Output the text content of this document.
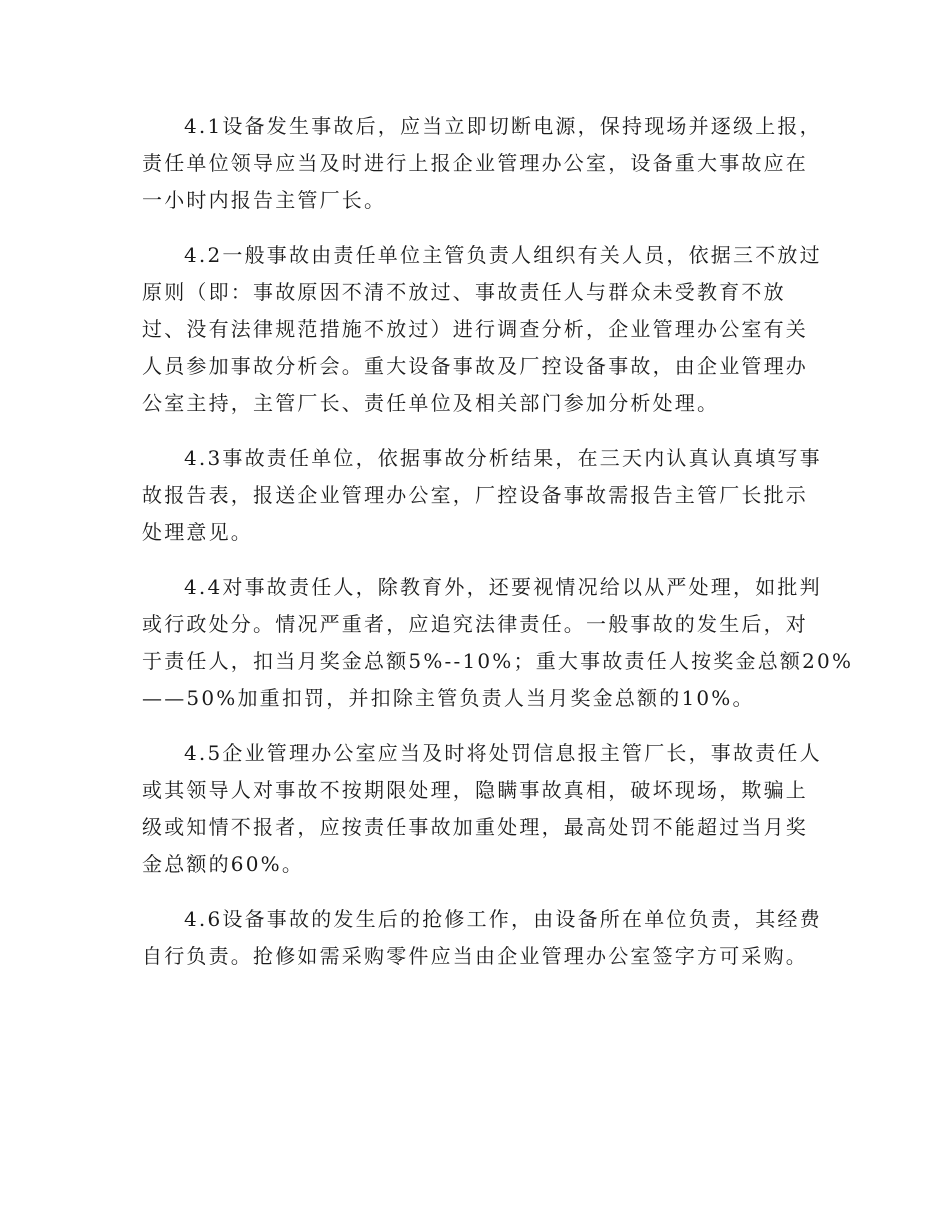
4.1设备发生事故后，应当立即切断电源，保持现场并逐级上报，
责任单位领导应当及时进行上报企业管理办公室，设备重大事故应在
一小时内报告主管厂长。

4.2一般事故由责任单位主管负责人组织有关人员，依据三不放过
原则（即：事故原因不清不放过、事故责任人与群众未受教育不放
过、没有法律规范措施不放过）进行调查分析，企业管理办公室有关
人员参加事故分析会。重大设备事故及厂控设备事故，由企业管理办
公室主持，主管厂长、责任单位及相关部门参加分析处理。

4.3事故责任单位，依据事故分析结果，在三天内认真认真填写事
故报告表，报送企业管理办公室，厂控设备事故需报告主管厂长批示
处理意见。

4.4对事故责任人，除教育外，还要视情况给以从严处理，如批判
或行政处分。情况严重者，应追究法律责任。一般事故的发生后，对
于责任人，扣当月奖金总额5%--10%；重大事故责任人按奖金总额20%
——50%加重扣罚，并扣除主管负责人当月奖金总额的10%。

4.5企业管理办公室应当及时将处罚信息报主管厂长，事故责任人
或其领导人对事故不按期限处理，隐瞒事故真相，破坏现场，欺骗上
级或知情不报者，应按责任事故加重处理，最高处罚不能超过当月奖
金总额的60%。

4.6设备事故的发生后的抢修工作，由设备所在单位负责，其经费
自行负责。抢修如需采购零件应当由企业管理办公室签字方可采购。
